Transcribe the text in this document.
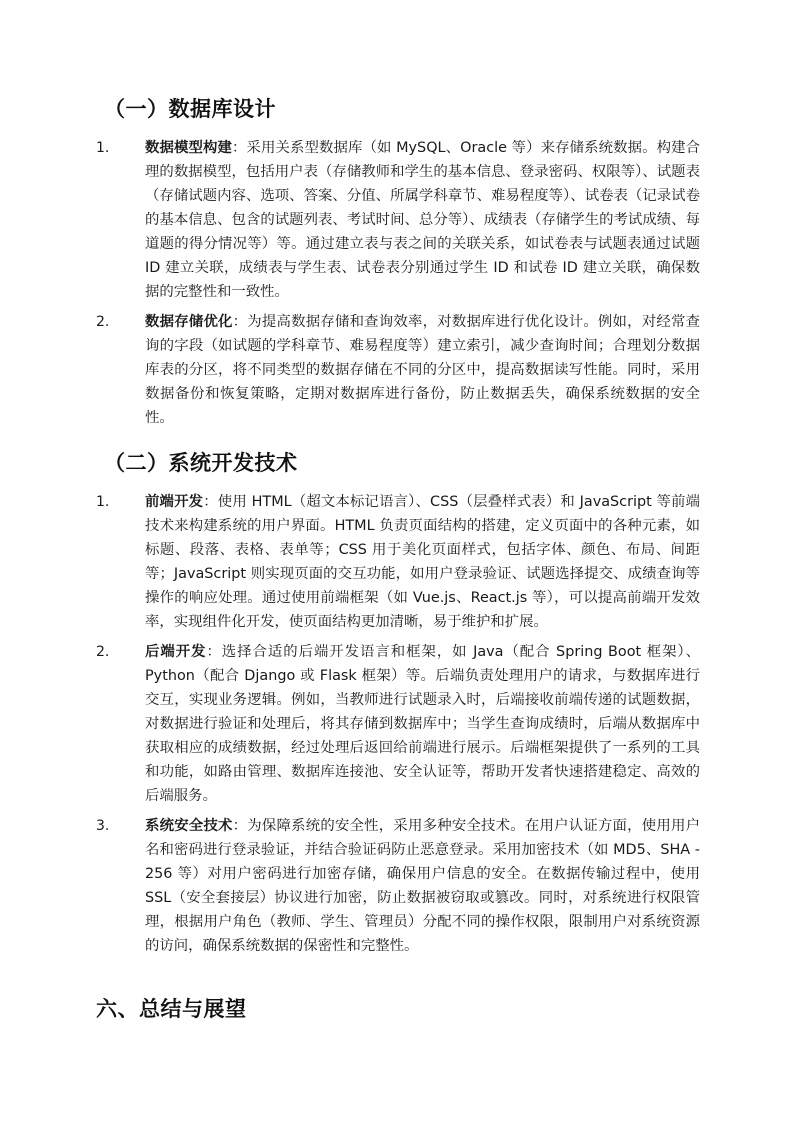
（一）数据库设计
1. 数据模型构建：采用关系型数据库（如 MySQL、Oracle 等）来存储系统数据。构建合理的数据模型，包括用户表（存储教师和学生的基本信息、登录密码、权限等）、试题表（存储试题内容、选项、答案、分值、所属学科章节、难易程度等）、试卷表（记录试卷的基本信息、包含的试题列表、考试时间、总分等）、成绩表（存储学生的考试成绩、每道题的得分情况等）等。通过建立表与表之间的关联关系，如试卷表与试题表通过试题 ID 建立关联，成绩表与学生表、试卷表分别通过学生 ID 和试卷 ID 建立关联，确保数据的完整性和一致性。
2. 数据存储优化：为提高数据存储和查询效率，对数据库进行优化设计。例如，对经常查询的字段（如试题的学科章节、难易程度等）建立索引，减少查询时间；合理划分数据库表的分区，将不同类型的数据存储在不同的分区中，提高数据读写性能。同时，采用数据备份和恢复策略，定期对数据库进行备份，防止数据丢失，确保系统数据的安全性。
（二）系统开发技术
1. 前端开发：使用 HTML（超文本标记语言）、CSS（层叠样式表）和 JavaScript 等前端技术来构建系统的用户界面。HTML 负责页面结构的搭建，定义页面中的各种元素，如标题、段落、表格、表单等；CSS 用于美化页面样式，包括字体、颜色、布局、间距等；JavaScript 则实现页面的交互功能，如用户登录验证、试题选择提交、成绩查询等操作的响应处理。通过使用前端框架（如 Vue.js、React.js 等），可以提高前端开发效率，实现组件化开发，使页面结构更加清晰，易于维护和扩展。
2. 后端开发：选择合适的后端开发语言和框架，如 Java（配合 Spring Boot 框架）、Python（配合 Django 或 Flask 框架）等。后端负责处理用户的请求，与数据库进行交互，实现业务逻辑。例如，当教师进行试题录入时，后端接收前端传递的试题数据，对数据进行验证和处理后，将其存储到数据库中；当学生查询成绩时，后端从数据库中获取相应的成绩数据，经过处理后返回给前端进行展示。后端框架提供了一系列的工具和功能，如路由管理、数据库连接池、安全认证等，帮助开发者快速搭建稳定、高效的后端服务。
3. 系统安全技术：为保障系统的安全性，采用多种安全技术。在用户认证方面，使用用户名和密码进行登录验证，并结合验证码防止恶意登录。采用加密技术（如 MD5、SHA - 256 等）对用户密码进行加密存储，确保用户信息的安全。在数据传输过程中，使用 SSL（安全套接层）协议进行加密，防止数据被窃取或篡改。同时，对系统进行权限管理，根据用户角色（教师、学生、管理员）分配不同的操作权限，限制用户对系统资源的访问，确保系统数据的保密性和完整性。
六、总结与展望
